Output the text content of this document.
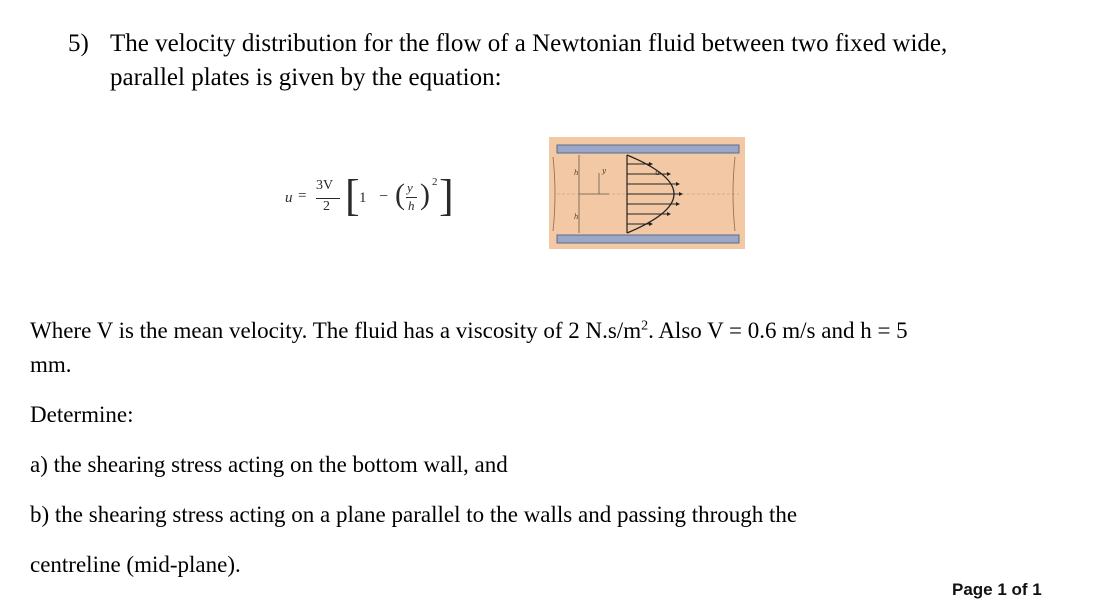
5) The velocity distribution for the flow of a Newtonian fluid between two fixed wide,
parallel plates is given by the equation:
u =
3V
2 [ 1 − ( y
h ) 2 ]	h	y
h
u
Where V is the mean velocity. The fluid has a viscosity of 2 $N.s/m^2$. Also V = 0.6 m/s and h = 5
mm.
Determine:
a) the shearing stress acting on the bottom wall, and
b) the shearing stress acting on a plane parallel to the walls and passing through the
centreline (mid-plane).
Page 1 of 1
